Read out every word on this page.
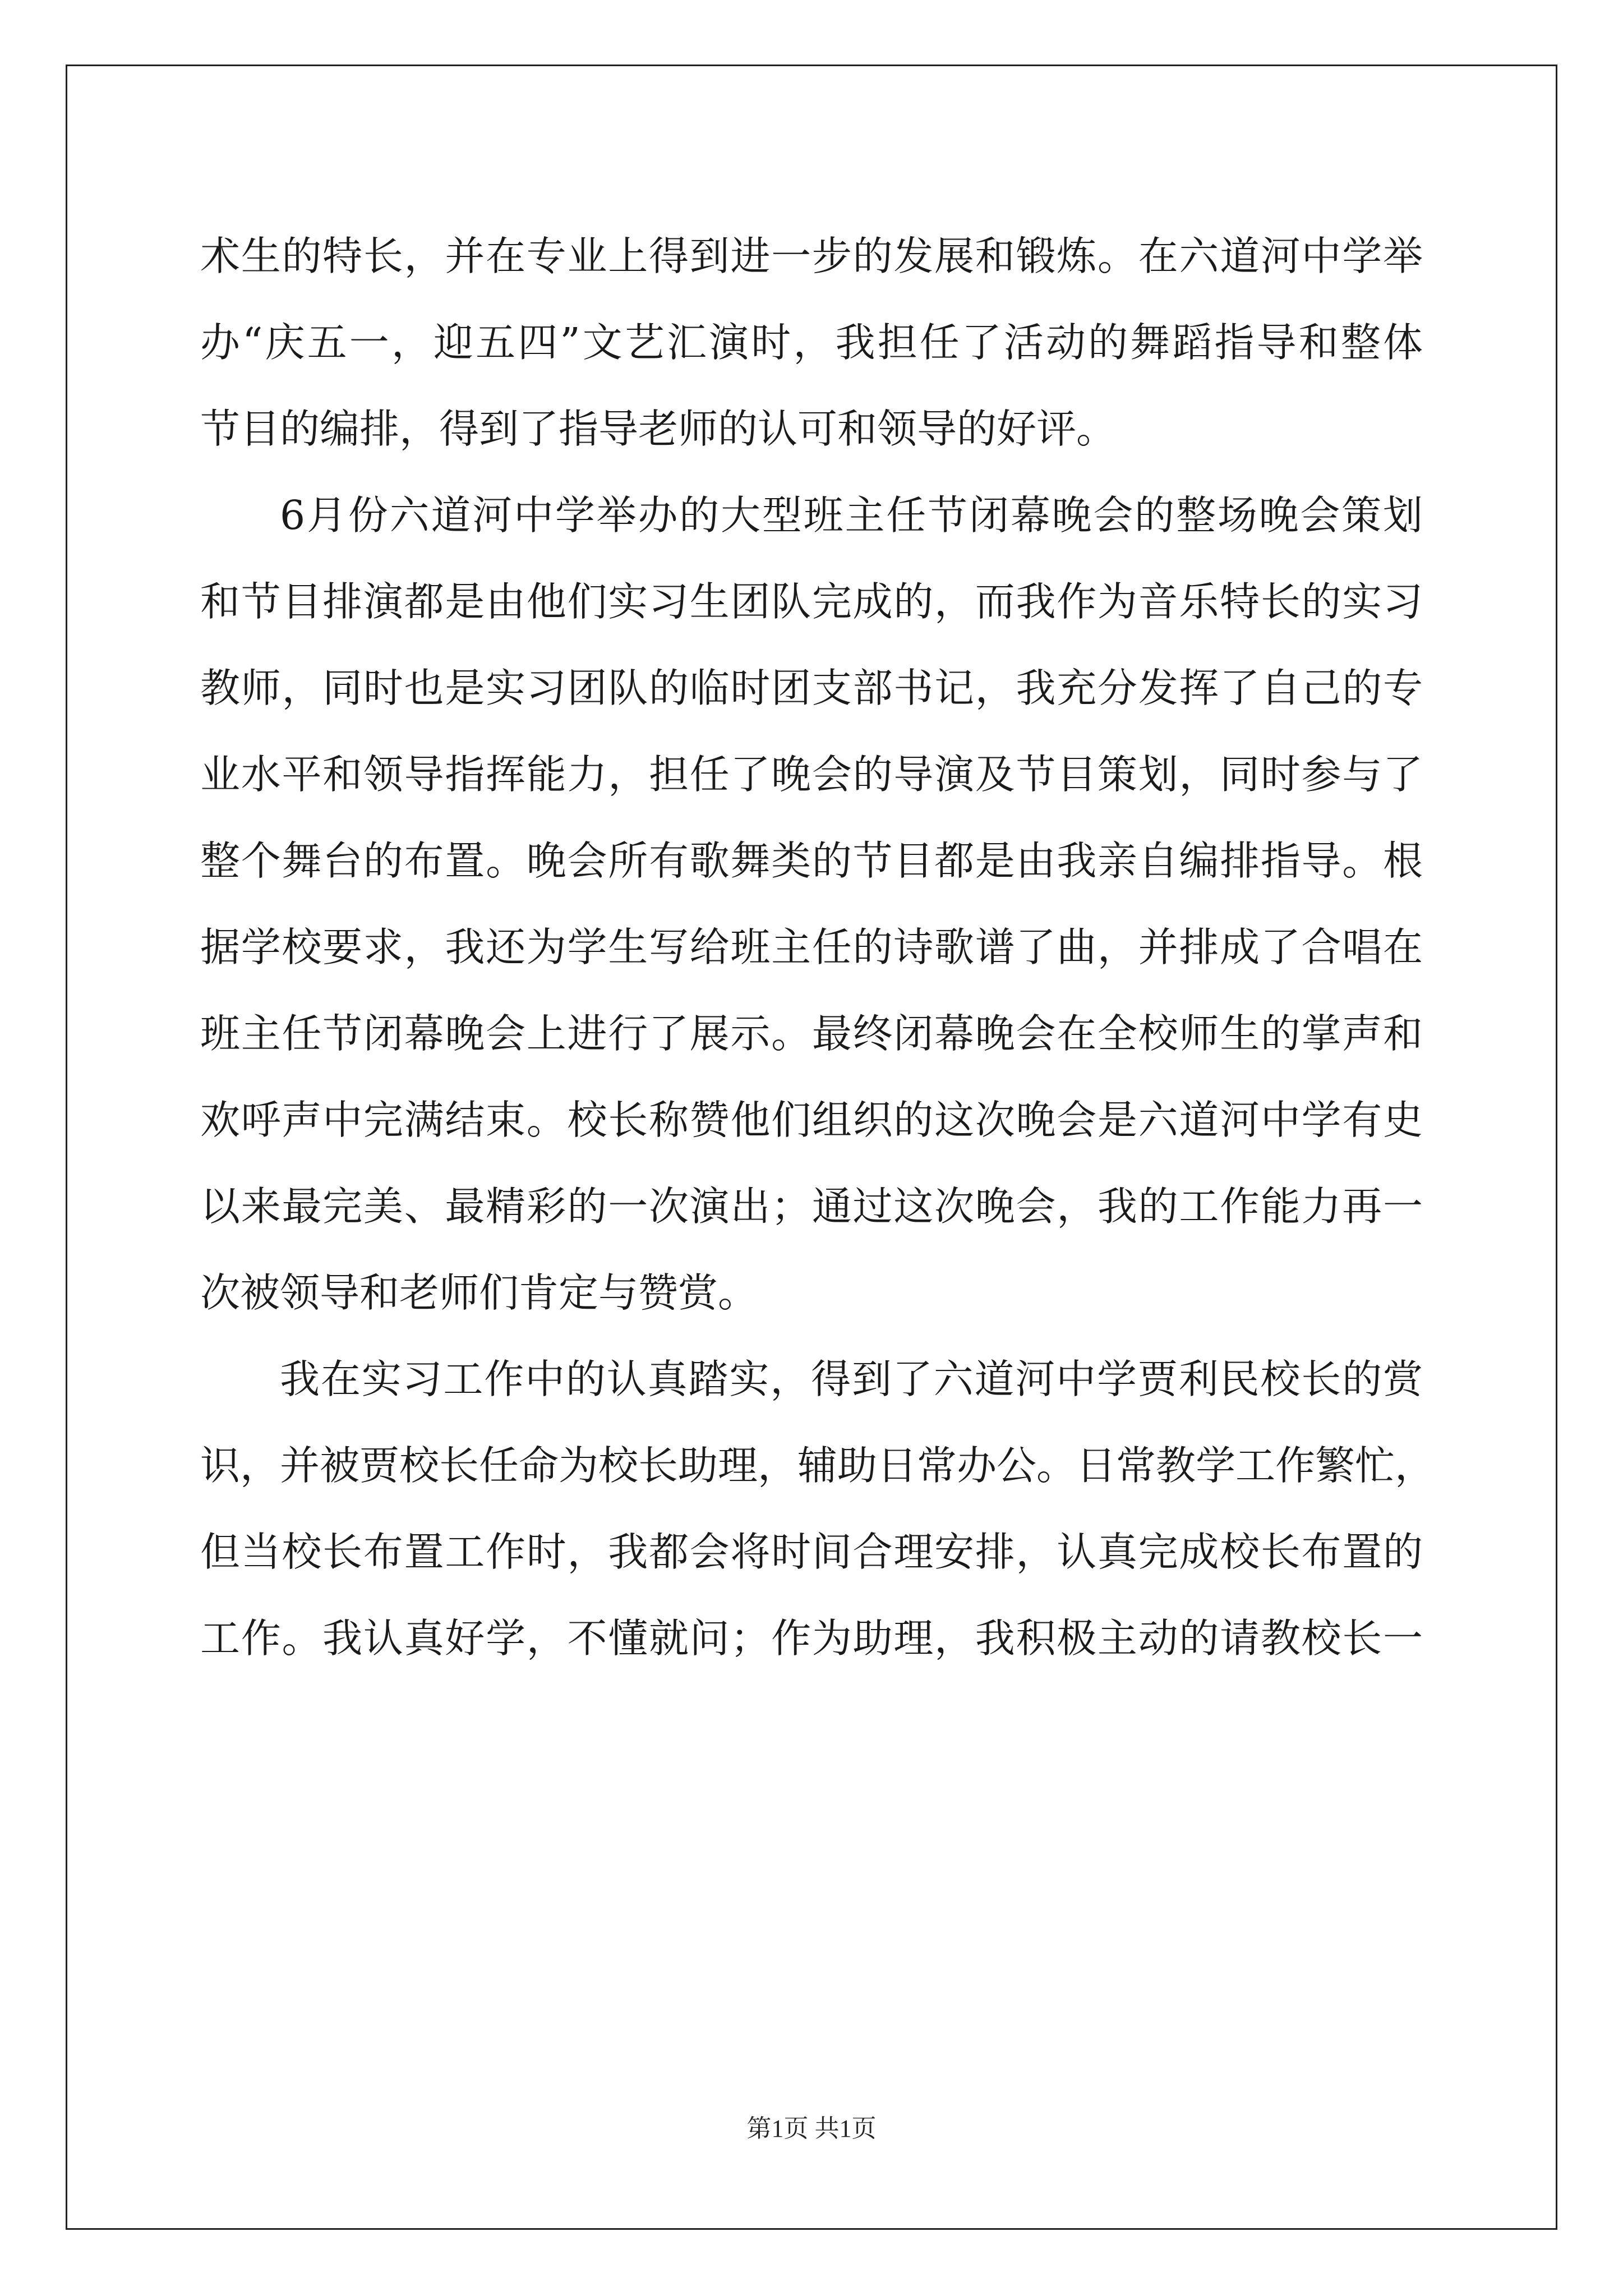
术生的特长，并在专业上得到进一步的发展和锻炼。在六道河中学举
办“庆五一，迎五四”文艺汇演时，我担任了活动的舞蹈指导和整体
节目的编排，得到了指导老师的认可和领导的好评。

6月份六道河中学举办的大型班主任节闭幕晚会的整场晚会策划
和节目排演都是由他们实习生团队完成的，而我作为音乐特长的实习
教师，同时也是实习团队的临时团支部书记，我充分发挥了自己的专
业水平和领导指挥能力，担任了晚会的导演及节目策划，同时参与了
整个舞台的布置。晚会所有歌舞类的节目都是由我亲自编排指导。根
据学校要求，我还为学生写给班主任的诗歌谱了曲，并排成了合唱在
班主任节闭幕晚会上进行了展示。最终闭幕晚会在全校师生的掌声和
欢呼声中完满结束。校长称赞他们组织的这次晚会是六道河中学有史
以来最完美、最精彩的一次演出；通过这次晚会，我的工作能力再一
次被领导和老师们肯定与赞赏。

我在实习工作中的认真踏实，得到了六道河中学贾利民校长的赏
识，并被贾校长任命为校长助理，辅助日常办公。日常教学工作繁忙，
但当校长布置工作时，我都会将时间合理安排，认真完成校长布置的
工作。我认真好学，不懂就问；作为助理，我积极主动的请教校长一

第1页 共1页
